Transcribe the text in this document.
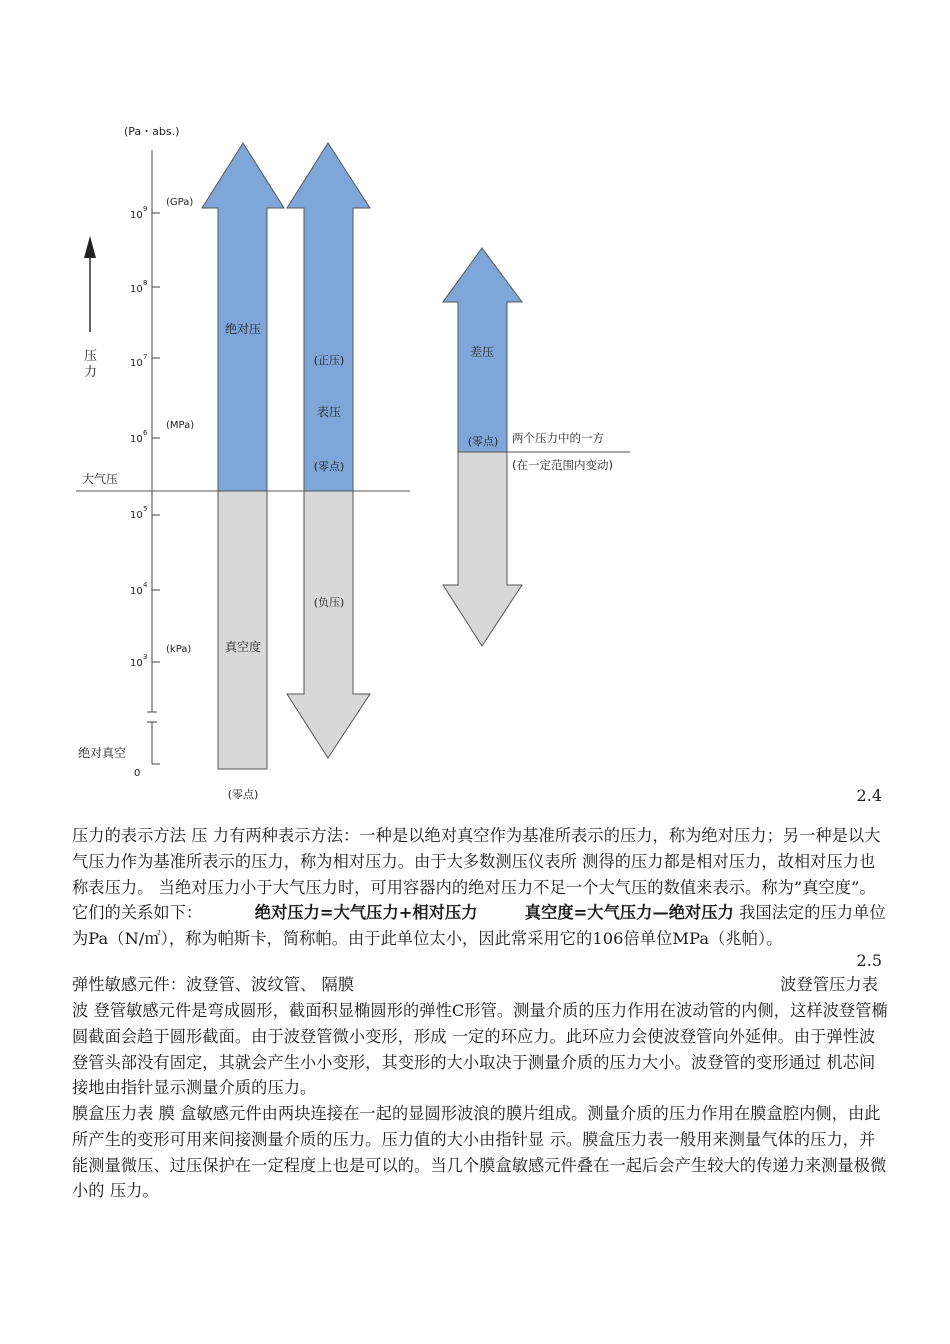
(Pa・abs.)
压
力
10
9
10
8
10
7
10
6
10
5
10
4
10
3
0
(GPa)
(MPa)
(kPa)
大气压
绝对真空
绝对压
真空度
(零点)
(正压)
表压
(零点)
(负压)
差压
(零点) 两个压力中的一方
(在一定范围内变动)
2.4
压力的表示方法 压 力有两种表示方法：一种是以绝对真空作为基准所表示的压力，称为绝对压力；另一种是以大气压力作为基准所表示的压力，称为相对压力。由于大多数测压仪表所 测得的压力都是相对压力，故相对压力也称表压力。 当绝对压力小于大气压力时，可用容器内的绝对压力不足一个大气压的数值来表示。称为”真空度”。它们的关系如下：	绝对压力=大气压力+相对压力	真空度=大气压力—绝对压力 我国法定的压力单位为Pa（N/㎡），称为帕斯卡，简称帕。由于此单位太小，因此常采用它的106倍单位MPa（兆帕）。
2.5
弹性敏感元件：波登管、波纹管、 隔膜	波登管压力表
波 登管敏感元件是弯成圆形，截面积显椭圆形的弹性C形管。测量介质的压力作用在波动管的内侧，这样波登管椭圆截面会趋于圆形截面。由于波登管微小变形，形成 一定的环应力。此环应力会使波登管向外延伸。由于弹性波登管头部没有固定，其就会产生小小变形，其变形的大小取决于测量介质的压力大小。波登管的变形通过 机芯间接地由指针显示测量介质的压力。
膜盒压力表 膜 盒敏感元件由两块连接在一起的显圆形波浪的膜片组成。测量介质的压力作用在膜盒腔内侧，由此所产生的变形可用来间接测量介质的压力。压力值的大小由指针显 示。膜盒压力表一般用来测量气体的压力，并能测量微压、过压保护在一定程度上也是可以的。当几个膜盒敏感元件叠在一起后会产生较大的传递力来测量极微小的 压力。
